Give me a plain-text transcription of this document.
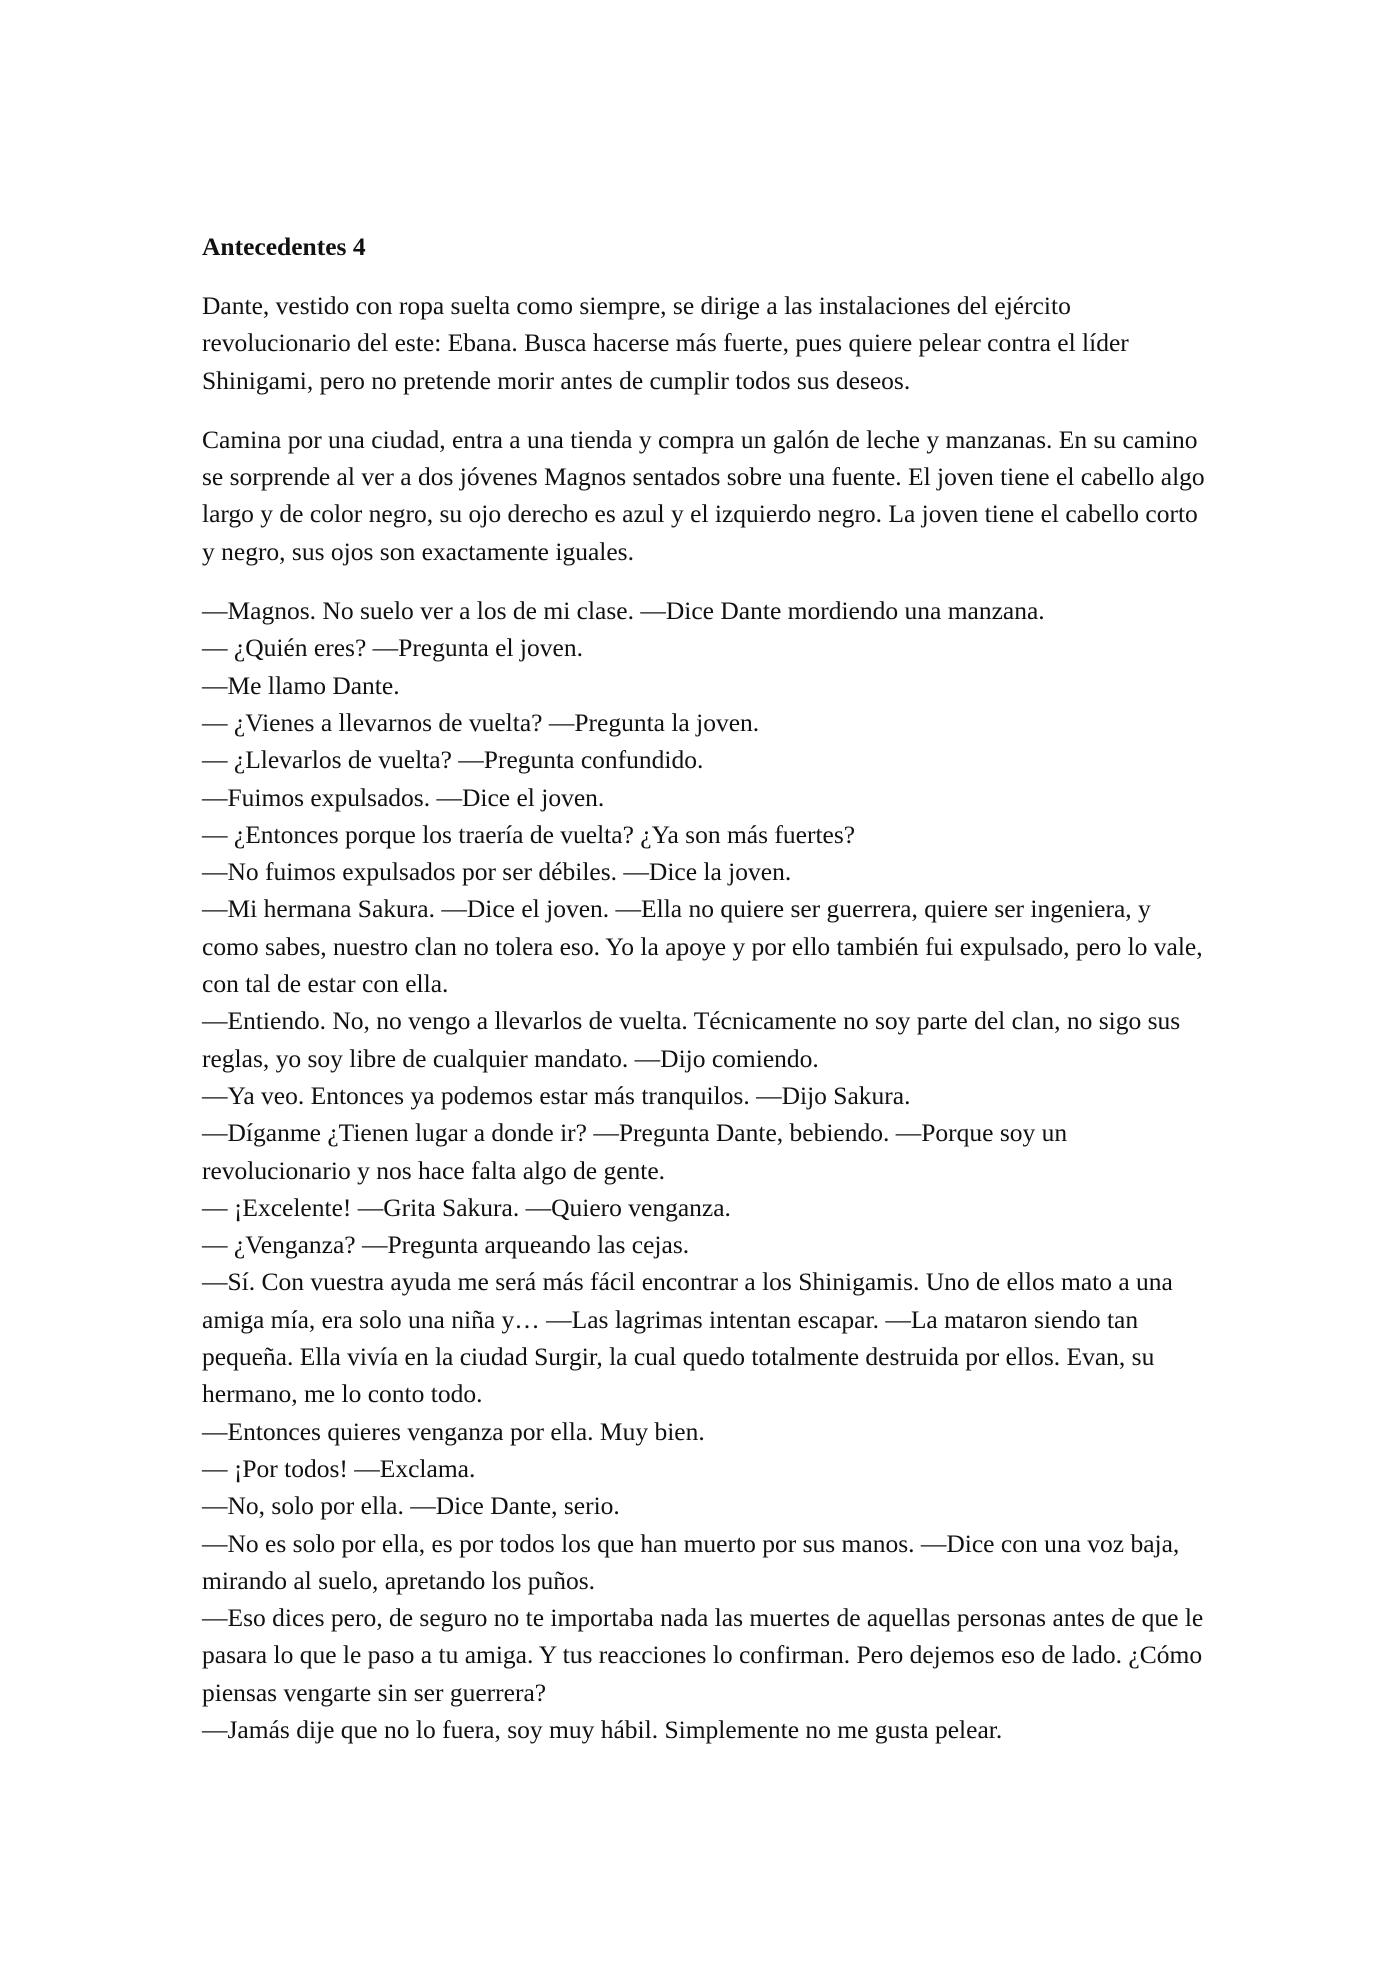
Antecedentes 4

Dante, vestido con ropa suelta como siempre, se dirige a las instalaciones del ejército revolucionario del este: Ebana. Busca hacerse más fuerte, pues quiere pelear contra el líder Shinigami, pero no pretende morir antes de cumplir todos sus deseos.

Camina por una ciudad, entra a una tienda y compra un galón de leche y manzanas. En su camino se sorprende al ver a dos jóvenes Magnos sentados sobre una fuente. El joven tiene el cabello algo largo y de color negro, su ojo derecho es azul y el izquierdo negro. La joven tiene el cabello corto y negro, sus ojos son exactamente iguales.

—Magnos. No suelo ver a los de mi clase. —Dice Dante mordiendo una manzana.

— ¿Quién eres? —Pregunta el joven.

—Me llamo Dante.

— ¿Vienes a llevarnos de vuelta? —Pregunta la joven.

— ¿Llevarlos de vuelta? —Pregunta confundido.

—Fuimos expulsados. —Dice el joven.

— ¿Entonces porque los traería de vuelta? ¿Ya son más fuertes?

—No fuimos expulsados por ser débiles. —Dice la joven.

—Mi hermana Sakura. —Dice el joven. —Ella no quiere ser guerrera, quiere ser ingeniera, y como sabes, nuestro clan no tolera eso. Yo la apoye y por ello también fui expulsado, pero lo vale, con tal de estar con ella.

—Entiendo. No, no vengo a llevarlos de vuelta. Técnicamente no soy parte del clan, no sigo sus reglas, yo soy libre de cualquier mandato. —Dijo comiendo.

—Ya veo. Entonces ya podemos estar más tranquilos. —Dijo Sakura.

—Díganme ¿Tienen lugar a donde ir? —Pregunta Dante, bebiendo. —Porque soy un revolucionario y nos hace falta algo de gente.

— ¡Excelente! —Grita Sakura. —Quiero venganza.

— ¿Venganza? —Pregunta arqueando las cejas.

—Sí. Con vuestra ayuda me será más fácil encontrar a los Shinigamis. Uno de ellos mato a una amiga mía, era solo una niña y… —Las lagrimas intentan escapar. —La mataron siendo tan pequeña. Ella vivía en la ciudad Surgir, la cual quedo totalmente destruida por ellos. Evan, su hermano, me lo conto todo.

—Entonces quieres venganza por ella. Muy bien.

— ¡Por todos! —Exclama.

—No, solo por ella. —Dice Dante, serio.

—No es solo por ella, es por todos los que han muerto por sus manos. —Dice con una voz baja, mirando al suelo, apretando los puños.

—Eso dices pero, de seguro no te importaba nada las muertes de aquellas personas antes de que le pasara lo que le paso a tu amiga. Y tus reacciones lo confirman. Pero dejemos eso de lado. ¿Cómo piensas vengarte sin ser guerrera?

—Jamás dije que no lo fuera, soy muy hábil. Simplemente no me gusta pelear.
